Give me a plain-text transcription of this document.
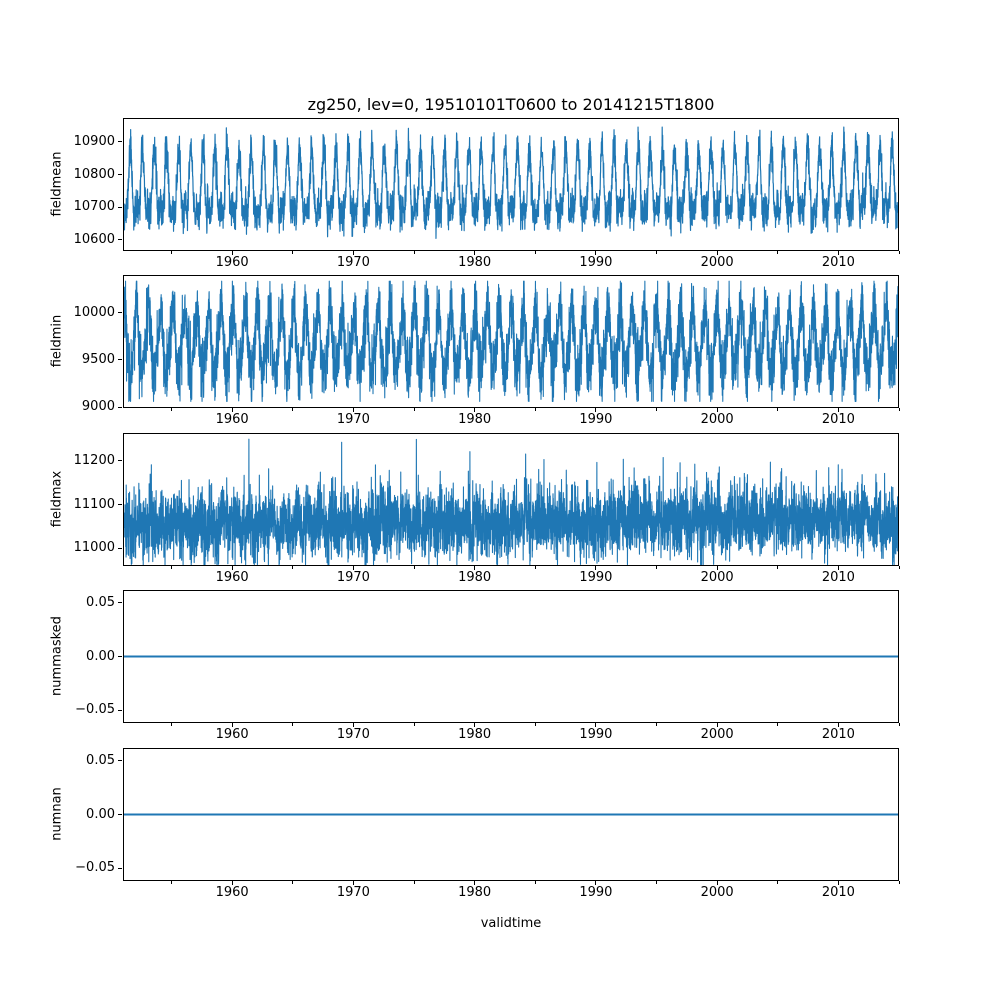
zg250, lev=0, 19510101T0600 to 20141215T1800
fieldmean
fieldmin
fieldmax
nummasked
numnan
validtime
1960	1970	1980	1990	2000	2010
10900
10800
10700
10600
1960	1970	1980	1990	2000	2010
10000
9500
9000
1960	1970	1980	1990	2000	2010
11200
11100
11000
1960	1970	1980	1990	2000	2010
0.05
0.00
−0.05
1960	1970	1980	1990	2000	2010
0.05
0.00
−0.05
